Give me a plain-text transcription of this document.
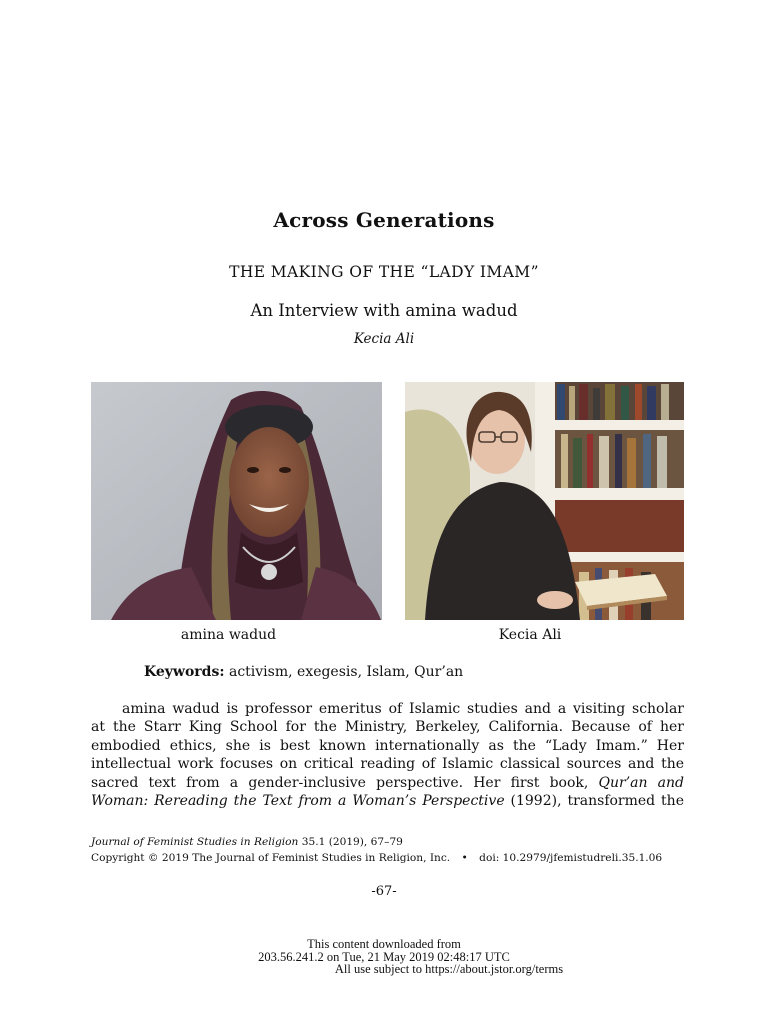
Across Generations
THE MAKING OF THE “LADY IMAM”
An Interview with amina wadud
Kecia Ali
amina wadud	Kecia Ali
Keywords: activism, exegesis, Islam, Qur’an
amina wadud is professor emeritus of Islamic studies and a visiting scholar
at the Starr King School for the Ministry, Berkeley, California. Because of her
embodied ethics, she is best known internationally as the “Lady Imam.” Her
intellectual work focuses on critical reading of Islamic classical sources and the
sacred text from a gender-inclusive perspective. Her first book, Qur’an and
Woman: Rereading the Text from a Woman’s Perspective (1992), transformed the
Journal of Feminist Studies in Religion 35.1 (2019), 67–79
Copyright © 2019 The Journal of Feminist Studies in Religion, Inc. • doi: 10.2979/jfemistudreli.35.1.06
-67-
This content downloaded from
203.56.241.2 on Tue, 21 May 2019 02:48:17 UTC
All use subject to https://about.jstor.org/terms
